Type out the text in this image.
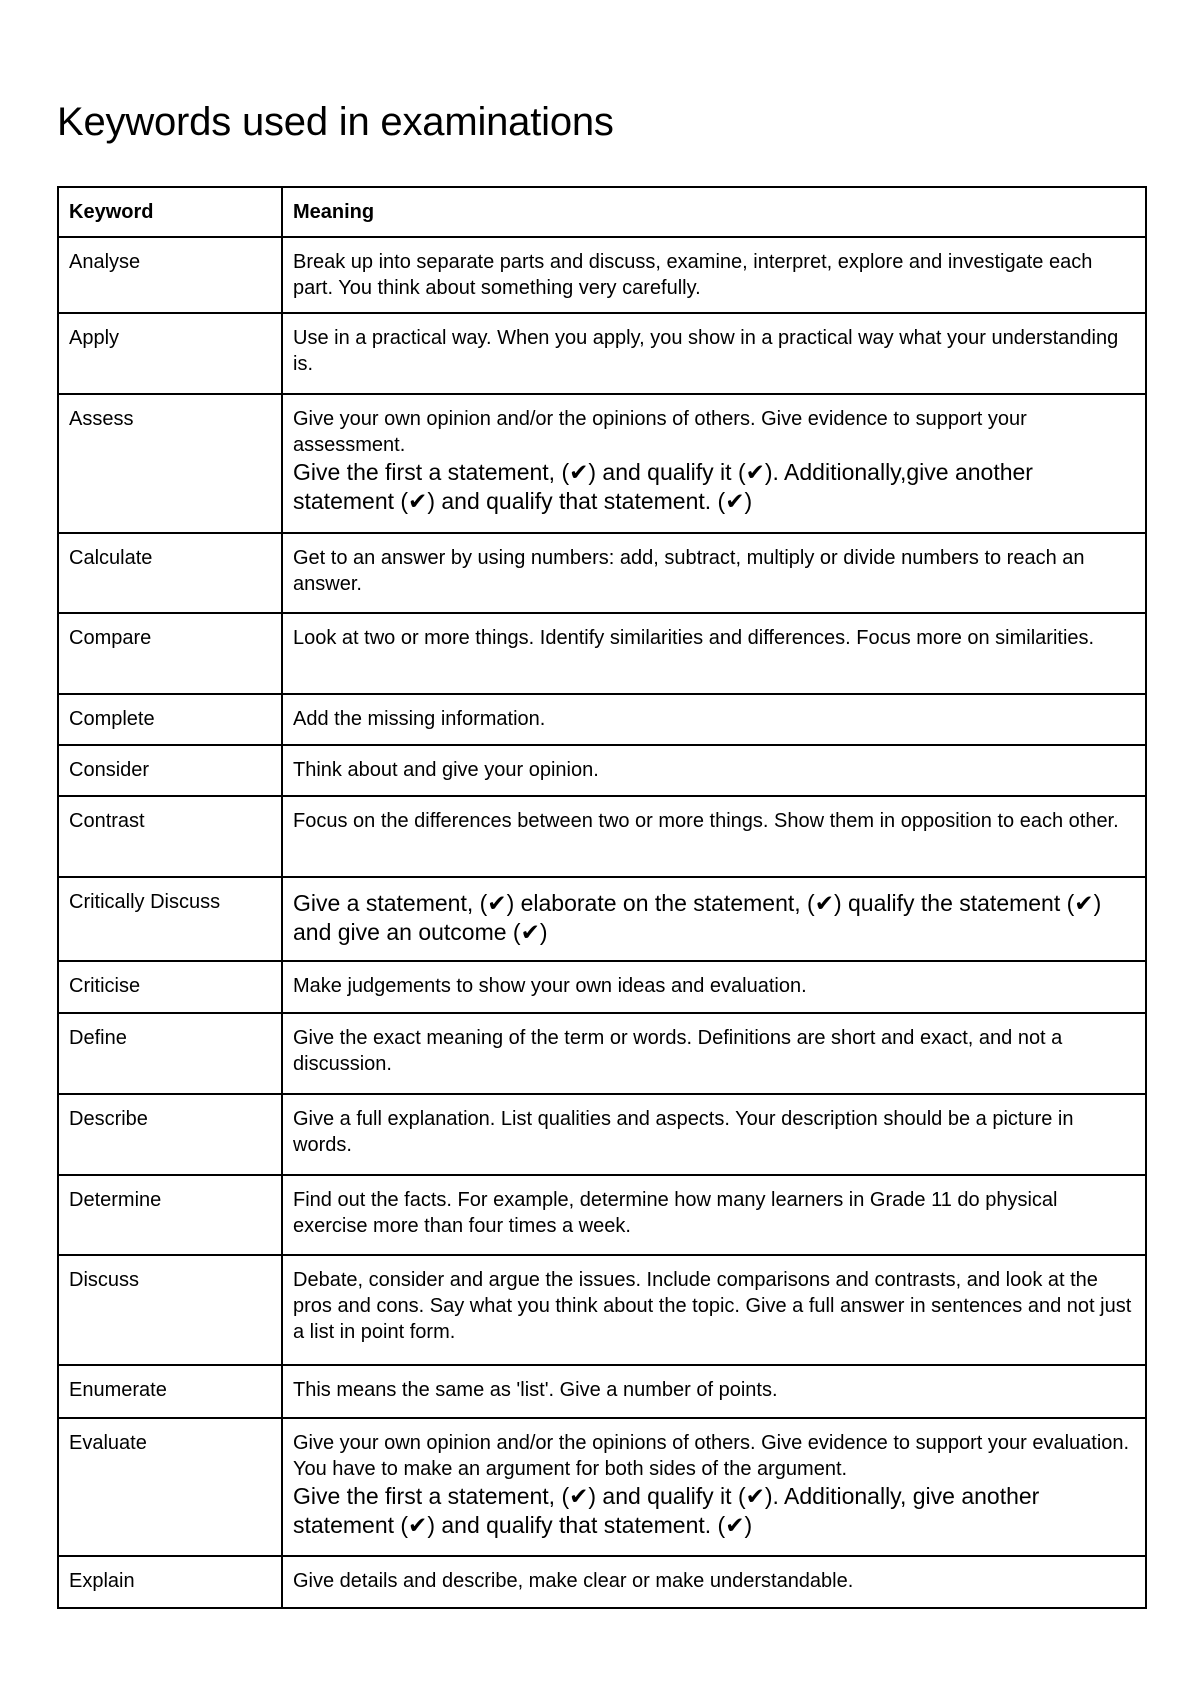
Keywords used in examinations
Keyword	Meaning
Analyse	Break up into separate parts and discuss, examine, interpret, explore and investigate each part. You think about something very carefully.

Apply	Use in a practical way. When you apply, you show in a practical way what your understanding is.

Assess	Give your own opinion and/or the opinions of others. Give evidence to support your assessment.
Give the first a statement, (✔) and qualify it (✔). Additionally,give another statement (✔) and qualify that statement. (✔)

Calculate	Get to an answer by using numbers: add, subtract, multiply or divide numbers to reach an answer.

Compare	Look at two or more things. Identify similarities and differences. Focus more on similarities.

Complete	Add the missing information.

Consider	Think about and give your opinion.

Contrast	Focus on the differences between two or more things. Show them in opposition to each other.

Critically Discuss	Give a statement, (✔) elaborate on the statement, (✔) qualify the statement (✔) and give an outcome (✔)

Criticise	Make judgements to show your own ideas and evaluation.

Define	Give the exact meaning of the term or words. Definitions are short and exact, and not a discussion.

Describe	Give a full explanation. List qualities and aspects. Your description should be a picture in words.

Determine	Find out the facts. For example, determine how many learners in Grade 11 do physical exercise more than four times a week.

Discuss	Debate, consider and argue the issues. Include comparisons and contrasts, and look at the pros and cons. Say what you think about the topic. Give a full answer in sentences and not just a list in point form.

Enumerate	This means the same as 'list'. Give a number of points.

Evaluate	Give your own opinion and/or the opinions of others. Give evidence to support your evaluation. You have to make an argument for both sides of the argument.
Give the first a statement, (✔) and qualify it (✔). Additionally, give another statement (✔) and qualify that statement. (✔)

Explain	Give details and describe, make clear or make understandable.
